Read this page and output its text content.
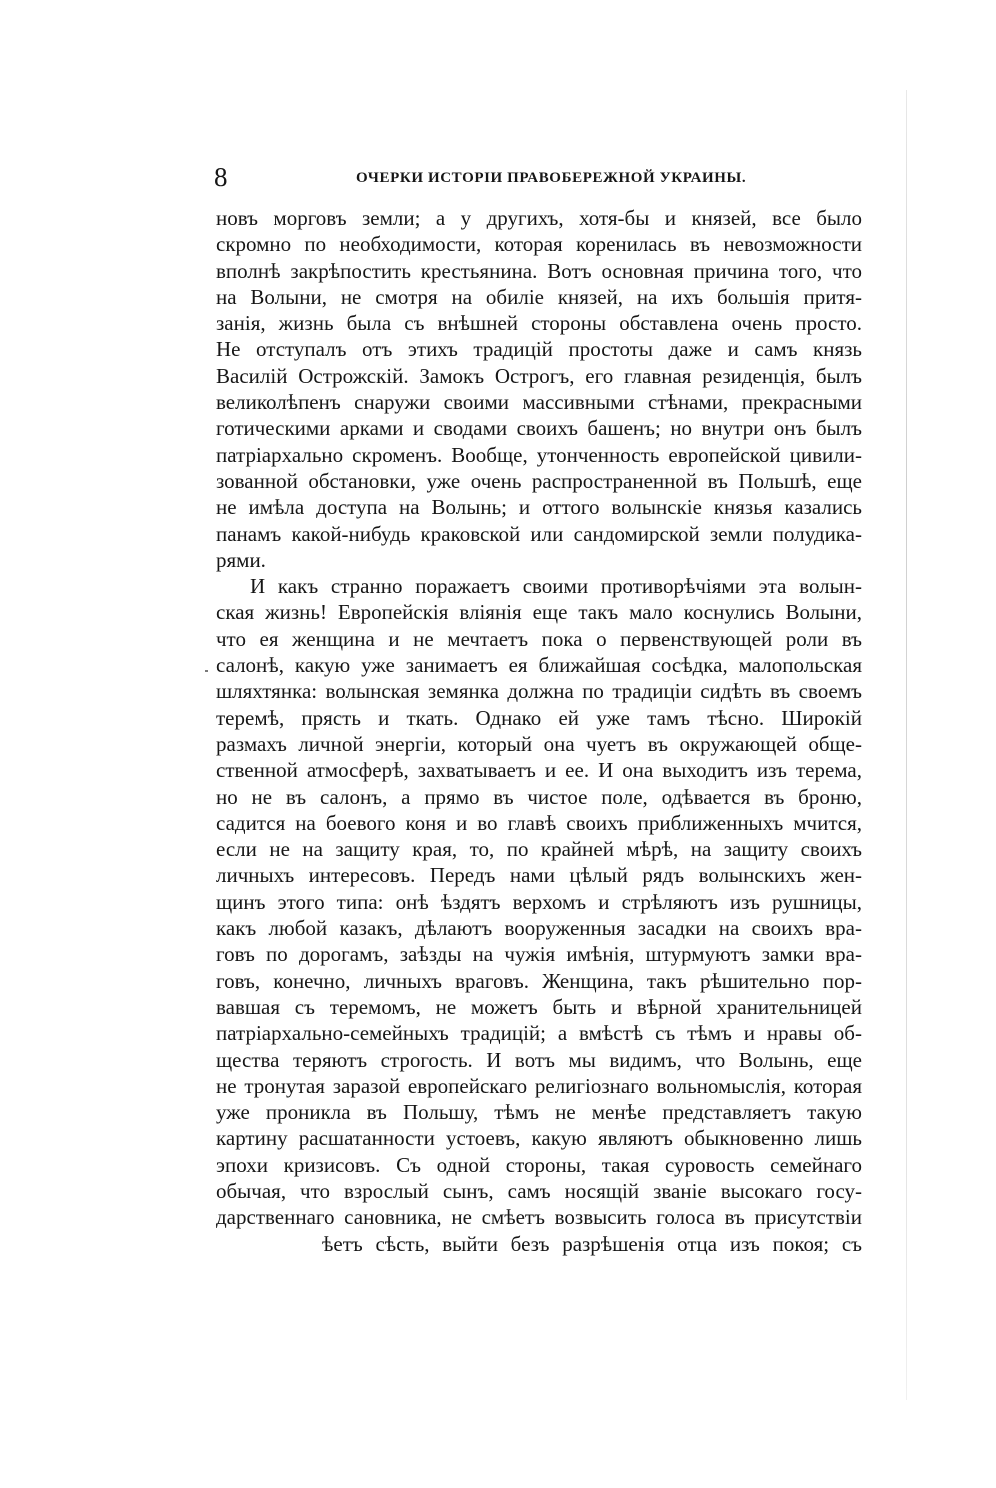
8	ОЧЕРКИ ИСТОРІИ ПРАВОБЕРЕЖНОЙ УКРАИНЫ.
новъ морговъ земли; а у другихъ, хотя-бы и князей, все было
скромно по необходимости, которая коренилась въ невозможности
вполнѣ закрѣпостить крестьянина. Вотъ основная причина того, что
на Волыни, не смотря на обиліе князей, на ихъ большія притя-
занія, жизнь была съ внѣшней стороны обставлена очень просто.
Не отступалъ отъ этихъ традицій простоты даже и самъ князь
Василій Острожскій. Замокъ Острогъ, его главная резиденція, былъ
великолѣпенъ снаружи своими массивными стѣнами, прекрасными
готическими арками и сводами своихъ башенъ; но внутри онъ былъ
патріархально скроменъ. Вообще, утонченность европейской цивили-
зованной обстановки, уже очень распространенной въ Польшѣ, еще
не имѣла доступа на Волынь; и оттого волынскіе князья казались
панамъ какой-нибудь краковской или сандомирской земли полудика-
рями.
И какъ странно поражаетъ своими противорѣчіями эта волын-
ская жизнь! Европейскія вліянія еще такъ мало коснулись Волыни,
что ея женщина и не мечтаетъ пока о первенствующей роли въ
салонѣ, какую уже занимаетъ ея ближайшая сосѣдка, малопольская
шляхтянка: волынская земянка должна по традиціи сидѣть въ своемъ
теремѣ, прясть и ткать. Однако ей уже тамъ тѣсно. Широкій
размахъ личной энергіи, который она чуетъ въ окружающей обще-
ственной атмосферѣ, захватываетъ и ее. И она выходитъ изъ терема,
но не въ салонъ, а прямо въ чистое поле, одѣвается въ броню,
садится на боевого коня и во главѣ своихъ приближенныхъ мчится,
если не на защиту края, то, по крайней мѣрѣ, на защиту своихъ
личныхъ интересовъ. Передъ нами цѣлый рядъ волынскихъ жен-
щинъ этого типа: онѣ ѣздятъ верхомъ и стрѣляютъ изъ рушницы,
какъ любой казакъ, дѣлаютъ вооруженныя засадки на своихъ вра-
говъ по дорогамъ, заѣзды на чужія имѣнія, штурмуютъ замки вра-
говъ, конечно, личныхъ враговъ. Женщина, такъ рѣшительно пор-
вавшая съ теремомъ, не можетъ быть и вѣрной хранительницей
патріархально-семейныхъ традицій; а вмѣстѣ съ тѣмъ и нравы об-
щества теряютъ строгость. И вотъ мы видимъ, что Волынь, еще
не тронутая заразой европейскаго религіознаго вольномыслія, которая
уже проникла въ Польшу, тѣмъ не менѣе представляетъ такую
картину расшатанности устоевъ, какую являютъ обыкновенно лишь
эпохи кризисовъ. Съ одной стороны, такая суровость семейнаго
обычая, что взрослый сынъ, самъ носящій званіе высокаго госу-
дарственнаго сановника, не смѣетъ возвысить голоса въ присутствіи
ѣетъ сѣсть, выйти безъ разрѣшенія отца изъ покоя; съ
